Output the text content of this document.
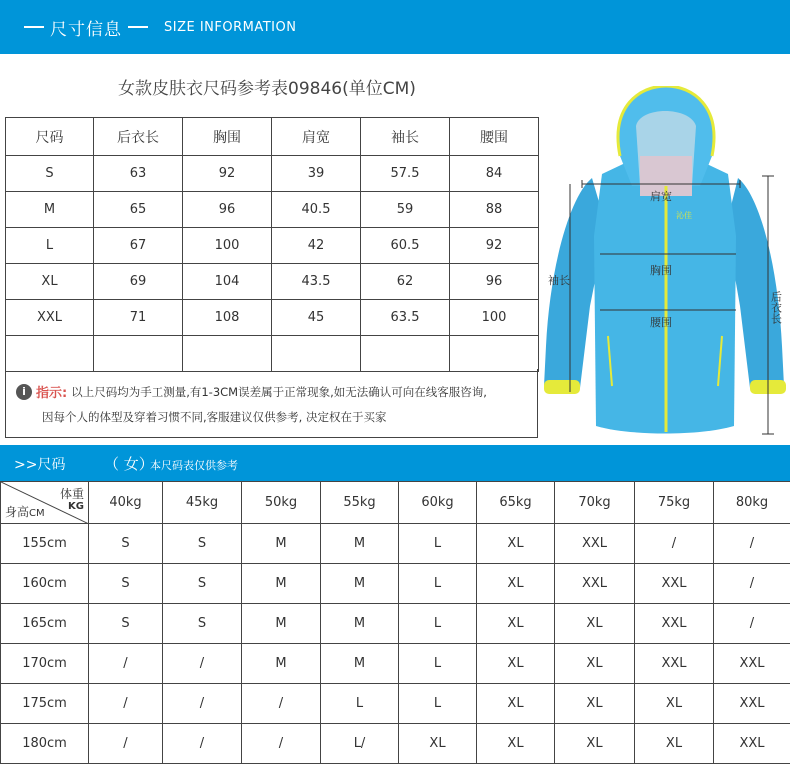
尺寸信息	SIZE INFORMATION
女款皮肤衣尺码参考表09846(单位CM)
尺码	后衣长	胸围	肩宽	袖长	腰围
S	63	92	39	57.5	84
M	65	96	40.5	59	88
L	67	100	42	60.5	92
XL	69	104	43.5	62	96
XXL	71	108	45	63.5	100

i 指示: 以上尺码均为手工测量,有1-3CM误差属于正常现象,如无法确认可向在线客服咨询,
因每个人的体型及穿着习惯不同,客服建议仅供参考, 决定权在于买家
肩宽
胸围
腰围
袖长
后衣长
沁佳
>>尺码	（ 女）
本尺码表仅供参考
体重
KG
身高CM	40kg	45kg	50kg	55kg	60kg	65kg	70kg	75kg	80kg
155cm	S	S	M	M	L	XL	XXL	/	/
160cm	S	S	M	M	L	XL	XXL	XXL	/
165cm	S	S	M	M	L	XL	XL	XXL	/
170cm	/	/	M	M	L	XL	XL	XXL	XXL
175cm	/	/	/	L	L	XL	XL	XL	XXL
180cm	/	/	/	L/	XL	XL	XL	XL	XXL
